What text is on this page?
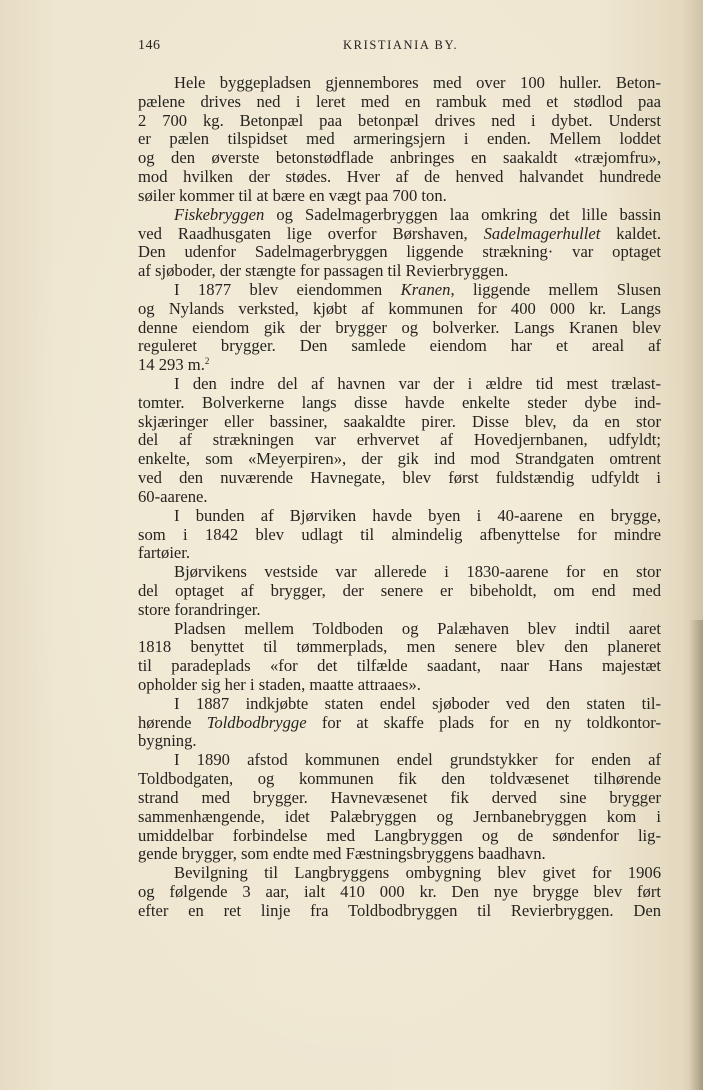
146	KRISTIANIA BY.
Hele byggepladsen gjennembores med over 100 huller. Beton-
pælene drives ned i leret med en rambuk med et stødlod paa
2 700 kg. Betonpæl paa betonpæl drives ned i dybet. Underst
er pælen tilspidset med armeringsjern i enden. Mellem loddet
og den øverste betonstødflade anbringes en saakaldt «træjomfru»,
mod hvilken der stødes. Hver af de henved halvandet hundrede
søiler kommer til at bære en vægt paa 700 ton.
Fiskebryggen og Sadelmagerbryggen laa omkring det lille bassin
ved Raadhusgaten lige overfor Børshaven, Sadelmagerhullet kaldet.
Den udenfor Sadelmagerbryggen liggende strækning· var optaget
af sjøboder, der stængte for passagen til Revierbryggen.
I 1877 blev eiendommen Kranen, liggende mellem Slusen
og Nylands verksted, kjøbt af kommunen for 400 000 kr. Langs
denne eiendom gik der brygger og bolverker. Langs Kranen blev
reguleret brygger. Den samlede eiendom har et areal af
14 293 m.$^2$
I den indre del af havnen var der i ældre tid mest trælast-
tomter. Bolverkerne langs disse havde enkelte steder dybe ind-
skjæringer eller bassiner, saakaldte pirer. Disse blev, da en stor
del af strækningen var erhvervet af Hovedjernbanen, udfyldt;
enkelte, som «Meyerpiren», der gik ind mod Strandgaten omtrent
ved den nuværende Havnegate, blev først fuldstændig udfyldt i
60-aarene.
I bunden af Bjørviken havde byen i 40-aarene en brygge,
som i 1842 blev udlagt til almindelig afbenyttelse for mindre
fartøier.
Bjørvikens vestside var allerede i 1830-aarene for en stor
del optaget af brygger, der senere er bibeholdt, om end med
store forandringer.
Pladsen mellem Toldboden og Palæhaven blev indtil aaret
1818 benyttet til tømmerplads, men senere blev den planeret
til paradeplads «for det tilfælde saadant, naar Hans majestæt
opholder sig her i staden, maatte attraaes».
I 1887 indkjøbte staten endel sjøboder ved den staten til-
hørende Toldbodbrygge for at skaffe plads for en ny toldkontor-
bygning.
I 1890 afstod kommunen endel grundstykker for enden af
Toldbodgaten, og kommunen fik den toldvæsenet tilhørende
strand med brygger. Havnevæsenet fik derved sine brygger
sammenhængende, idet Palæbryggen og Jernbanebryggen kom i
umiddelbar forbindelse med Langbryggen og de søndenfor lig-
gende brygger, som endte med Fæstningsbryggens baadhavn.
Bevilgning til Langbryggens ombygning blev givet for 1906
og følgende 3 aar, ialt 410 000 kr. Den nye brygge blev ført
efter en ret linje fra Toldbodbryggen til Revierbryggen. Den
